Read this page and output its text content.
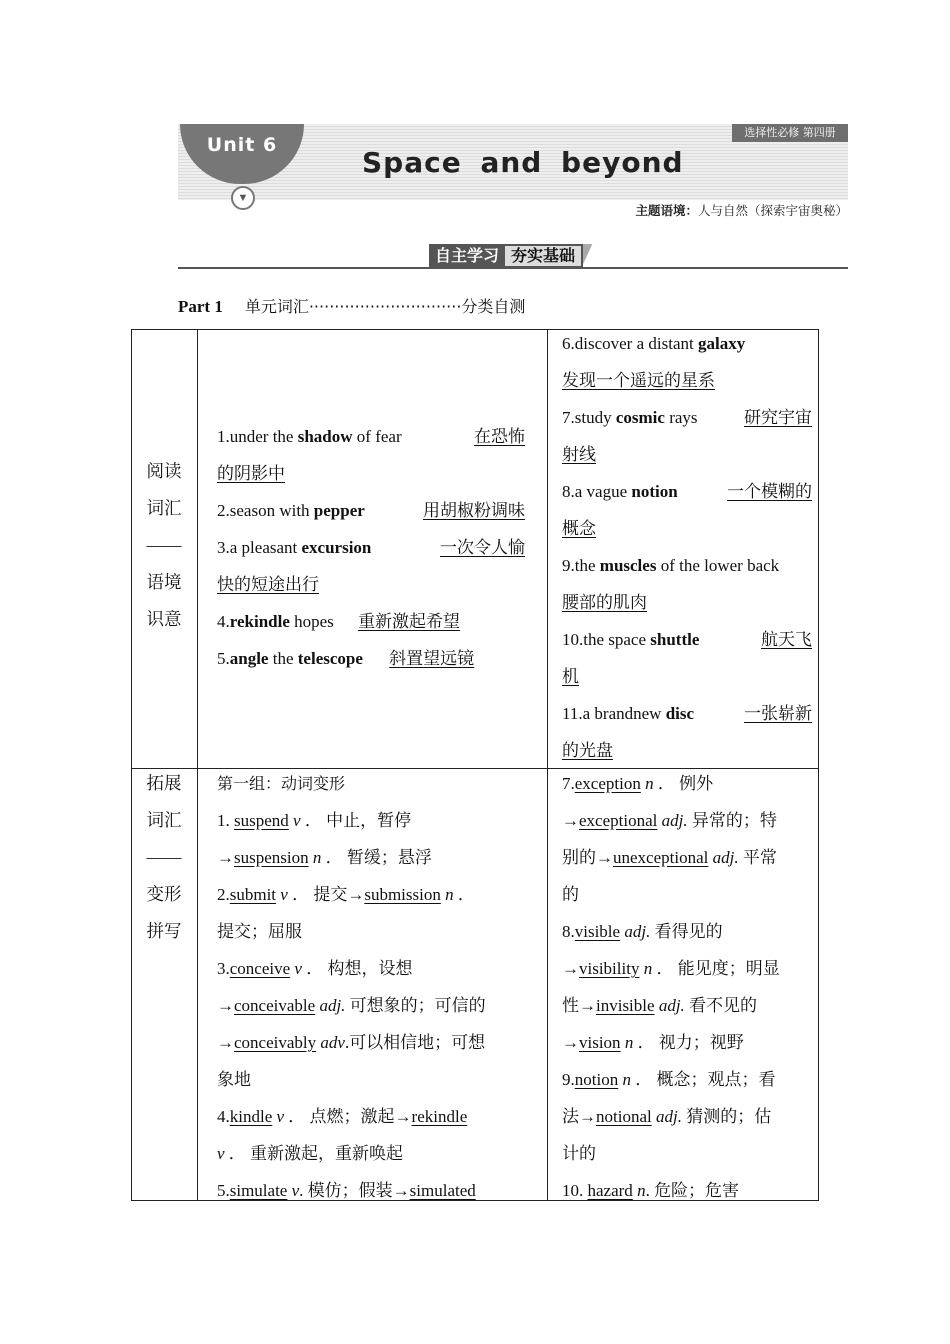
Unit 6
▼
Space and beyond
选择性必修 第四册
主题语境：人与自然（探索宇宙奥秘）
自主学习 夯实基础
Part 1 单元词汇······························分类自测
阅读
词汇
——
语境
识意
1.under the shadow of fear	在恐怖
的阴影中
2.season with pepper	用胡椒粉调味
3.a pleasant excursion	一次令人愉
快的短途出行
4.rekindle hopes 重新激起希望
5.angle the telescope 斜置望远镜
6.discover a distant galaxy
发现一个遥远的星系
7.study cosmic rays	研究宇宙
射线
8.a vague notion	一个模糊的
概念
9.the muscles of the lower back
腰部的肌肉
10.the space shuttle	航天飞
机
11.a brandnew disc	一张崭新
的光盘
拓展
词汇
——
变形
拼写
第一组：动词变形
1. suspend v ． 中止，暂停
→suspension n ． 暂缓；悬浮
2.submit v ． 提交→submission n ．
提交；屈服
3.conceive v ． 构想，设想
→conceivable adj. 可想象的；可信的
→conceivably adv.可以相信地；可想
象地
4.kindle v ． 点燃；激起→rekindle
v ． 重新激起，重新唤起
5.simulate v. 模仿；假装→simulated
7.exception n ． 例外
→exceptional adj. 异常的；特
别的→unexceptional adj. 平常
的
8.visible adj. 看得见的
→visibility n ． 能见度；明显
性→invisible adj. 看不见的
→vision n ． 视力；视野
9.notion n ． 概念；观点；看
法→notional adj. 猜测的；估
计的
10. hazard n. 危险；危害
